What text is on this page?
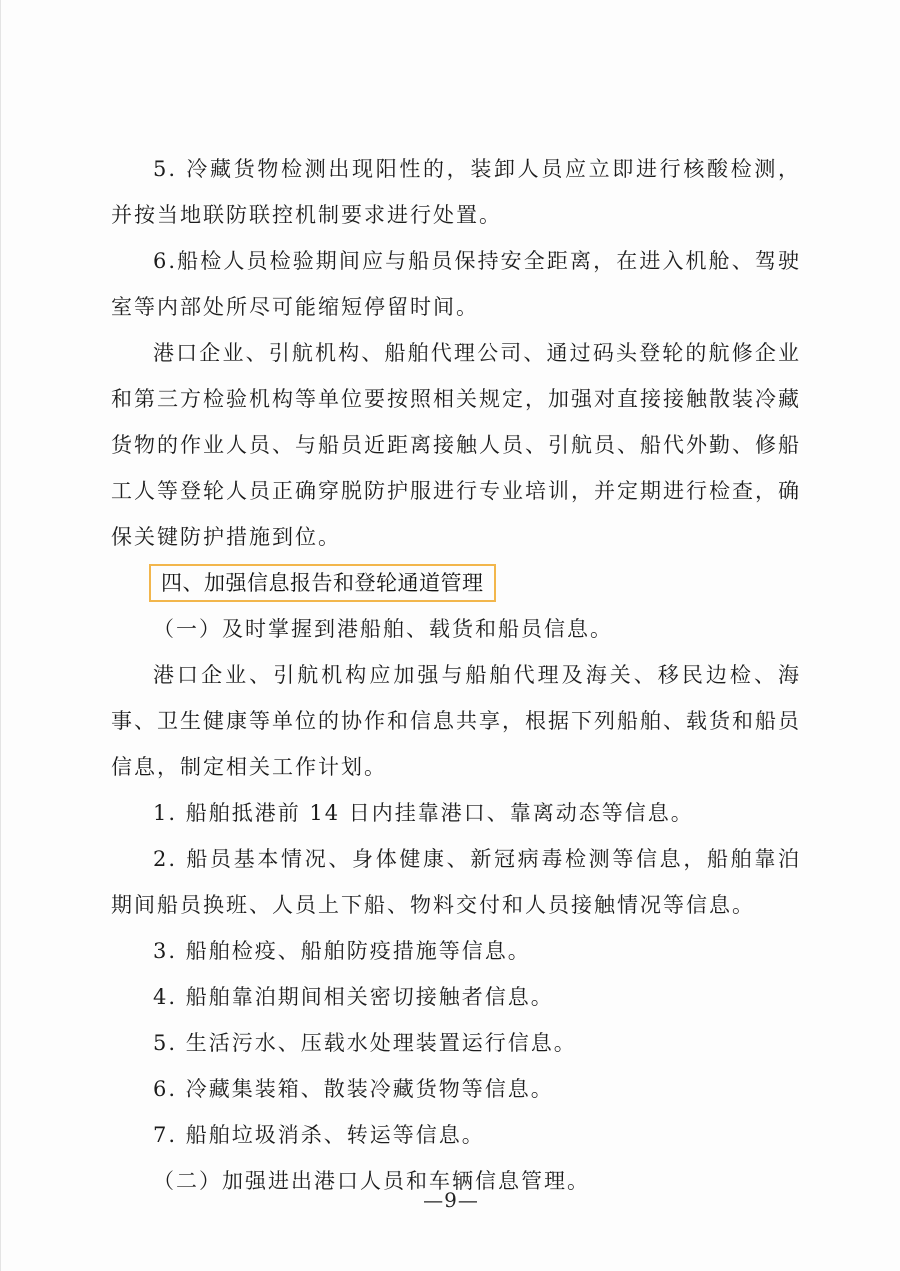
5. 冷藏货物检测出现阳性的，装卸人员应立即进行核酸检测，并按当地联防联控机制要求进行处置。

6.船检人员检验期间应与船员保持安全距离，在进入机舱、驾驶室等内部处所尽可能缩短停留时间。

港口企业、引航机构、船舶代理公司、通过码头登轮的航修企业和第三方检验机构等单位要按照相关规定，加强对直接接触散装冷藏货物的作业人员、与船员近距离接触人员、引航员、船代外勤、修船工人等登轮人员正确穿脱防护服进行专业培训，并定期进行检查，确保关键防护措施到位。

四、加强信息报告和登轮通道管理

（一）及时掌握到港船舶、载货和船员信息。

港口企业、引航机构应加强与船舶代理及海关、移民边检、海事、卫生健康等单位的协作和信息共享，根据下列船舶、载货和船员信息，制定相关工作计划。

1. 船舶抵港前 14 日内挂靠港口、靠离动态等信息。

2. 船员基本情况、身体健康、新冠病毒检测等信息，船舶靠泊期间船员换班、人员上下船、物料交付和人员接触情况等信息。

3. 船舶检疫、船舶防疫措施等信息。

4. 船舶靠泊期间相关密切接触者信息。

5. 生活污水、压载水处理装置运行信息。

6. 冷藏集装箱、散装冷藏货物等信息。

7. 船舶垃圾消杀、转运等信息。

（二）加强进出港口人员和车辆信息管理。

—9—
